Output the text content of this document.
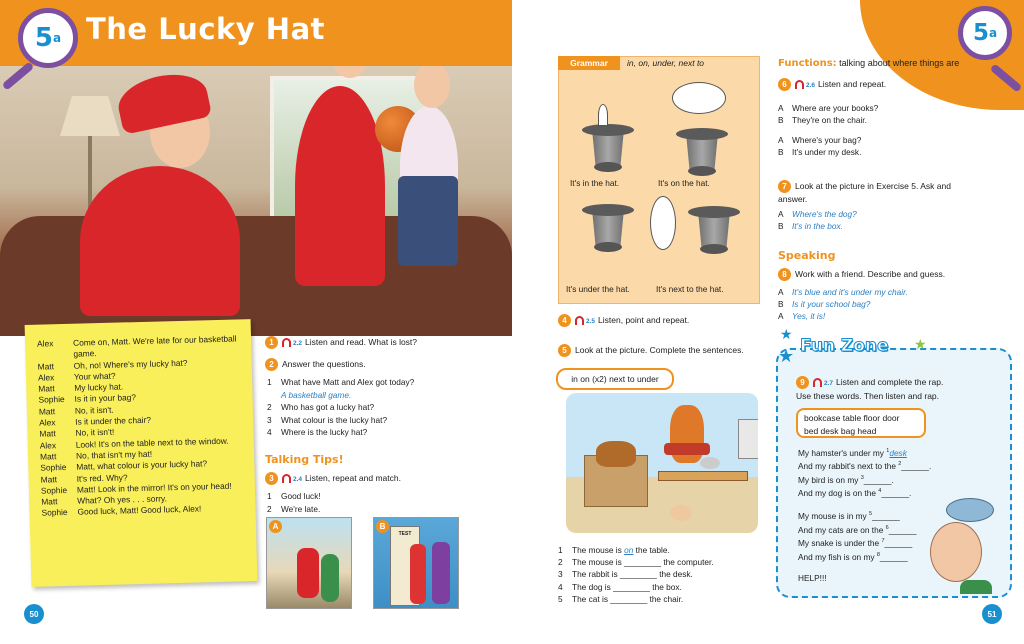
5 a The Lucky Hat
Alex	Come on, Matt. We're late for our basketball game.
Matt	Oh, no! Where's my lucky hat?
Alex	Your what?
Matt	My lucky hat.
Sophie	Is it in your bag?
Matt	No, it isn't.
Alex	Is it under the chair?
Matt	No, it isn't!
Alex	Look! It's on the table next to the window.
Matt	No, that isn't my hat!
Sophie	Matt, what colour is your lucky hat?
Matt	It's red. Why?
Sophie	Matt! Look in the mirror! It's on your head!
Matt	What? Oh yes . . . sorry.
Sophie	Good luck, Matt! Good luck, Alex!
1	2.2 Listen and read. What is lost?
2 Answer the questions.
1 What have Matt and Alex got today?
A basketball game.
2 Who has got a lucky hat?
3 What colour is the lucky hat?
4 Where is the lucky hat?
Talking Tips!
3	2.4 Listen, repeat and match.
1 Good luck!
2 We're late.
A	B
TEST
50
5 a
Grammar	in, on, under, next to
It's in the hat.	It's on the hat.
It's under the hat.	It's next to the hat.
4	2.5 Listen, point and repeat.
5 Look at the picture. Complete the sentences.
in on (x2) next to under
1 The mouse is on the table.
2 The mouse is ________ the computer.
3 The rabbit is ________ the desk.
4 The dog is ________ the box.
5 The cat is ________ the chair.
Functions: talking about where things are
6	2.6 Listen and repeat.
A Where are your books?
B They're on the chair.
A Where's your bag?
B It's under my desk.
7 Look at the picture in Exercise 5. Ask and answer.
A Where's the dog?
B It's in the box.
Speaking
8 Work with a friend. Describe and guess.
A It's blue and it's under my chair.
B Is it your school bag?
A Yes, it is!
★
★
★
Fun Zone
9	2.7 Listen and complete the rap.
Use these words. Then listen and rap.
bookcase table floor door
bed desk bag head
My hamster's under my $^1$desk
And my rabbit's next to the $^2$______.
My bird is on my $^3$______.
And my dog is on the $^4$______.
My mouse is in my $^5$______
And my cats are on the $^6$______
My snake is under the $^7$______
And my fish is on my $^8$______
HELP!!!
51
